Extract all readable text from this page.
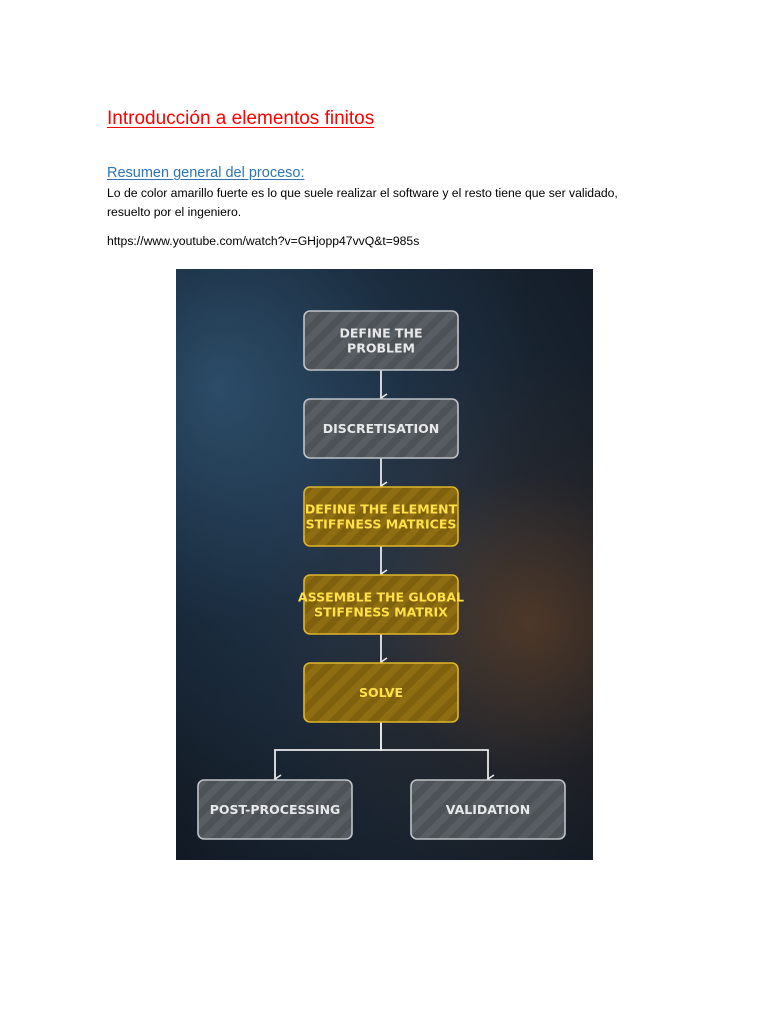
Introducción a elementos finitos
Resumen general del proceso:

Lo de color amarillo fuerte es lo que suele realizar el software y el resto tiene que ser validado,

resuelto por el ingeniero.

https://www.youtube.com/watch?v=GHjopp47vvQ&t=985s

DEFINE THE
PROBLEM
DISCRETISATION
DEFINE THE ELEMENT
STIFFNESS MATRICES
ASSEMBLE THE GLOBAL
STIFFNESS MATRIX
SOLVE
POST-PROCESSING	VALIDATION
